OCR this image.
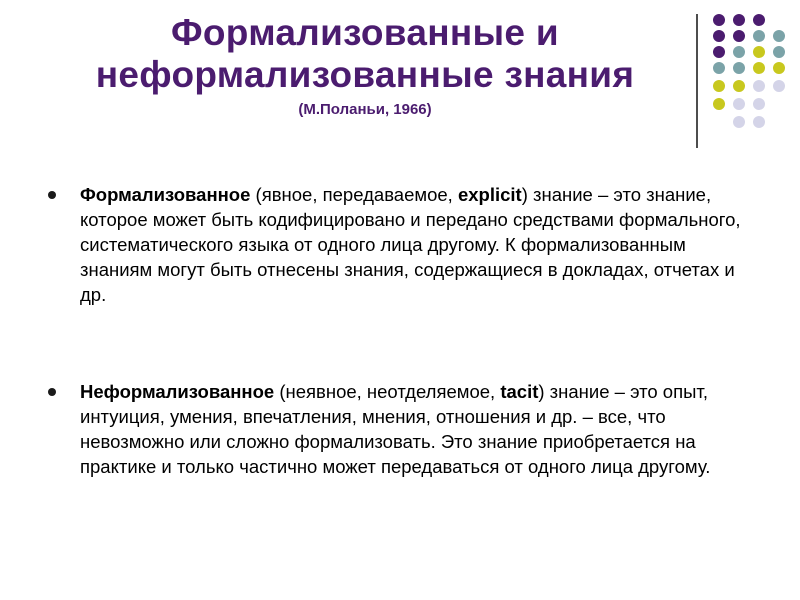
Формализованные и
неформализованные знания
(М.Поланьи, 1966)
Формализованное (явное, передаваемое, explicit) знание – это знание, которое может быть кодифицировано и передано средствами формального, систематического языка от одного лица другому. К формализованным знаниям могут быть отнесены знания, содержащиеся в докладах, отчетах и др.
Неформализованное (неявное, неотделяемое, tacit) знание – это опыт, интуиция, умения, впечатления, мнения, отношения и др. – все, что невозможно или сложно формализовать. Это знание приобретается на практике и только частично может передаваться от одного лица другому.
